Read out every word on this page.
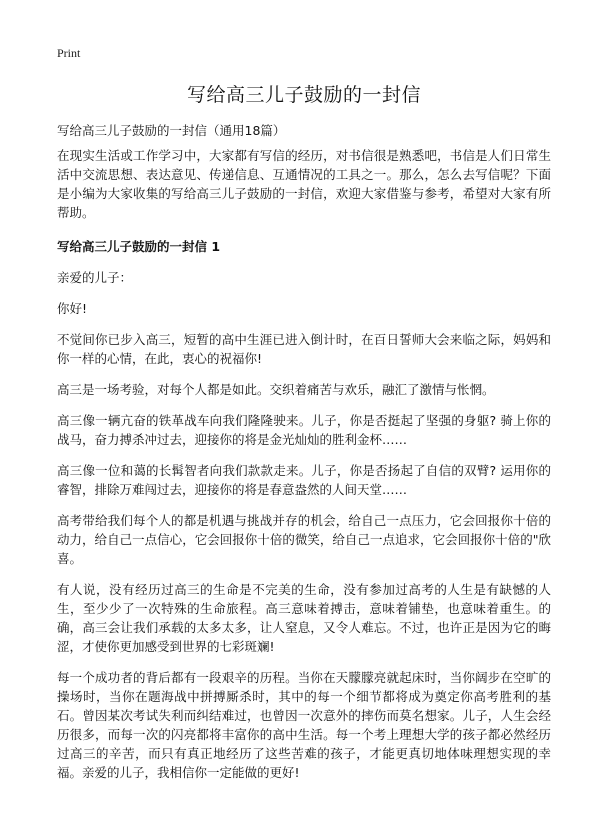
Print
写给高三儿子鼓励的一封信

写给高三儿子鼓励的一封信（通用18篇）

在现实生活或工作学习中，大家都有写信的经历，对书信很是熟悉吧，书信是人们日常生活中交流思想、表达意见、传递信息、互通情况的工具之一。那么，怎么去写信呢？下面是小编为大家收集的写给高三儿子鼓励的一封信，欢迎大家借鉴与参考，希望对大家有所帮助。

写给高三儿子鼓励的一封信 1

亲爱的儿子：

你好!

不觉间你已步入高三，短暂的高中生涯已进入倒计时，在百日誓师大会来临之际，妈妈和你一样的心情，在此，衷心的祝福你!

高三是一场考验，对每个人都是如此。交织着痛苦与欢乐，融汇了激情与怅惘。

高三像一辆亢奋的铁革战车向我们隆隆驶来。儿子，你是否挺起了坚强的身躯? 骑上你的战马，奋力搏杀冲过去，迎接你的将是金光灿灿的胜利金杯……

高三像一位和蔼的长髯智者向我们款款走来。儿子，你是否扬起了自信的双臂? 运用你的睿智，排除万难闯过去，迎接你的将是春意盎然的人间天堂……

高考带给我们每个人的都是机遇与挑战并存的机会，给自己一点压力，它会回报你十倍的动力，给自己一点信心，它会回报你十倍的微笑，给自己一点追求，它会回报你十倍的"欣喜。

有人说，没有经历过高三的生命是不完美的生命，没有参加过高考的人生是有缺憾的人生，至少少了一次特殊的生命旅程。高三意味着搏击，意味着铺垫，也意味着重生。的确，高三会让我们承载的太多太多，让人窒息，又令人难忘。不过，也许正是因为它的晦涩，才使你更加感受到世界的七彩斑斓!

每一个成功者的背后都有一段艰辛的历程。当你在天朦朦亮就起床时，当你阔步在空旷的操场时，当你在题海战中拼搏厮杀时，其中的每一个细节都将成为奠定你高考胜利的基石。曾因某次考试失利而纠结难过，也曾因一次意外的摔伤而莫名想家。儿子，人生会经历很多，而每一次的闪亮都将丰富你的高中生活。每一个考上理想大学的孩子都必然经历过高三的辛苦，而只有真正地经历了这些苦难的孩子，才能更真切地体味理想实现的幸福。亲爱的儿子，我相信你一定能做的更好!
